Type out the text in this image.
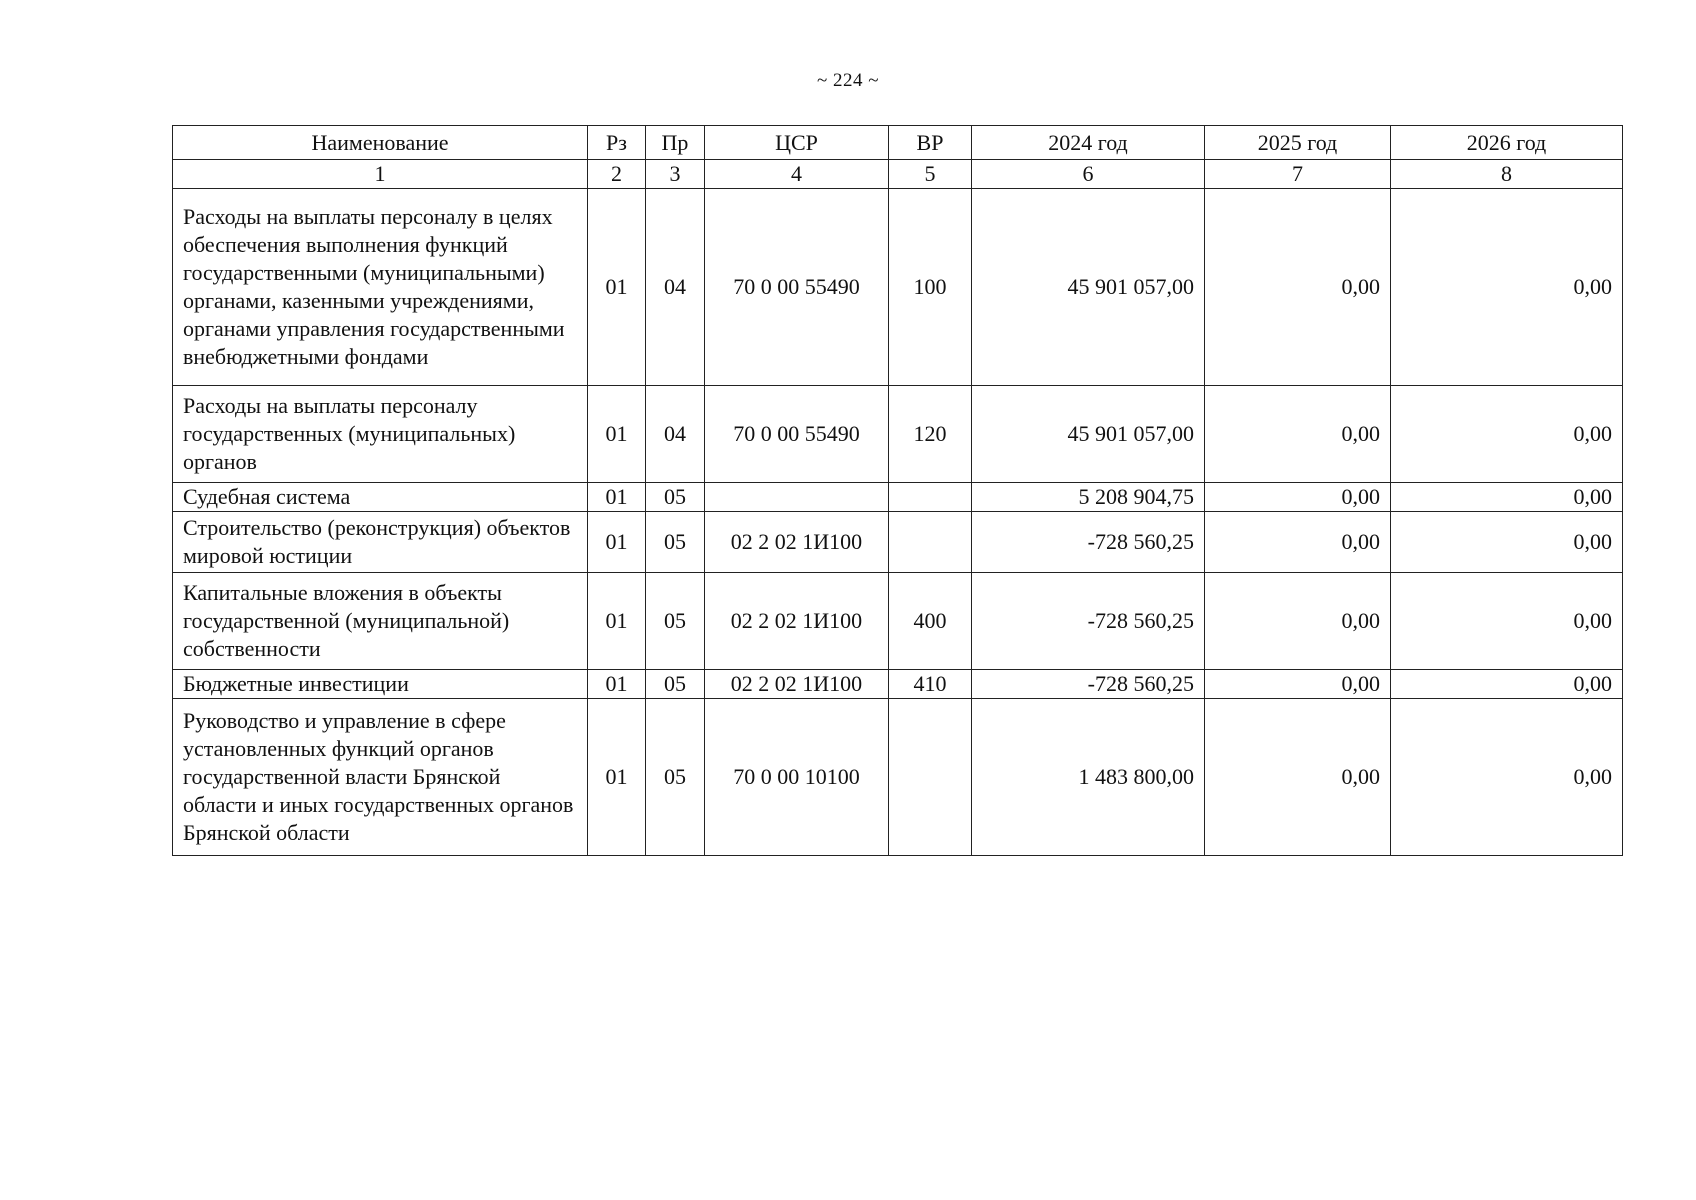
~ 224 ~
Наименование	Рз	Пр	ЦСР	ВР	2024 год	2025 год	2026 год
1	2	3	4	5	6	7	8
Расходы на выплаты персоналу в целях обеспечения выполнения функций государственными (муниципальными) органами, казенными учреждениями, органами управления государственными внебюджетными фондами	01	04	70 0 00 55490	100	45 901 057,00	0,00	0,00
Расходы на выплаты персоналу государственных (муниципальных) органов	01	04	70 0 00 55490	120	45 901 057,00	0,00	0,00
Судебная система	01	05			5 208 904,75	0,00	0,00
Строительство (реконструкция) объектов мировой юстиции	01	05	02 2 02 1И100		-728 560,25	0,00	0,00
Капитальные вложения в объекты государственной (муниципальной) собственности	01	05	02 2 02 1И100	400	-728 560,25	0,00	0,00
Бюджетные инвестиции	01	05	02 2 02 1И100	410	-728 560,25	0,00	0,00
Руководство и управление в сфере установленных функций органов государственной власти Брянской области и иных государственных органов Брянской области	01	05	70 0 00 10100		1 483 800,00	0,00	0,00
